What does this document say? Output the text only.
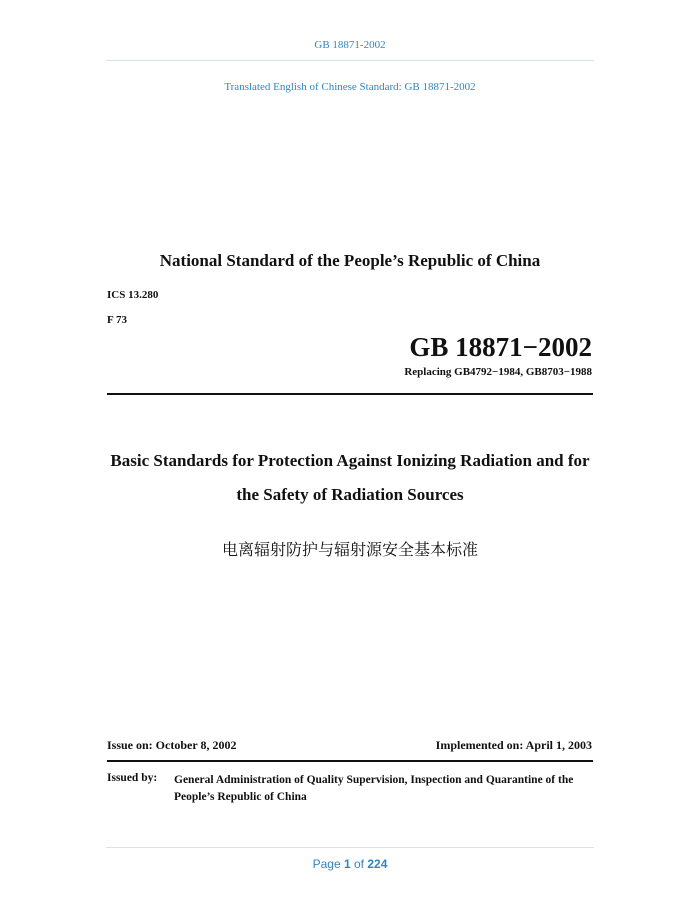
GB 18871-2002
Translated English of Chinese Standard: GB 18871-2002
National Standard of the People’s Republic of China
ICS 13.280
F 73
GB 18871−2002
Replacing GB4792−1984, GB8703−1988
Basic Standards for Protection Against Ionizing Radiation and for
the Safety of Radiation Sources
电离辐射防护与辐射源安全基本标准
Issue on: October 8, 2002	Implemented on: April 1, 2003
Issued by: General Administration of Quality Supervision, Inspection and Quarantine of the People’s Republic of China
Page 1 of 224
